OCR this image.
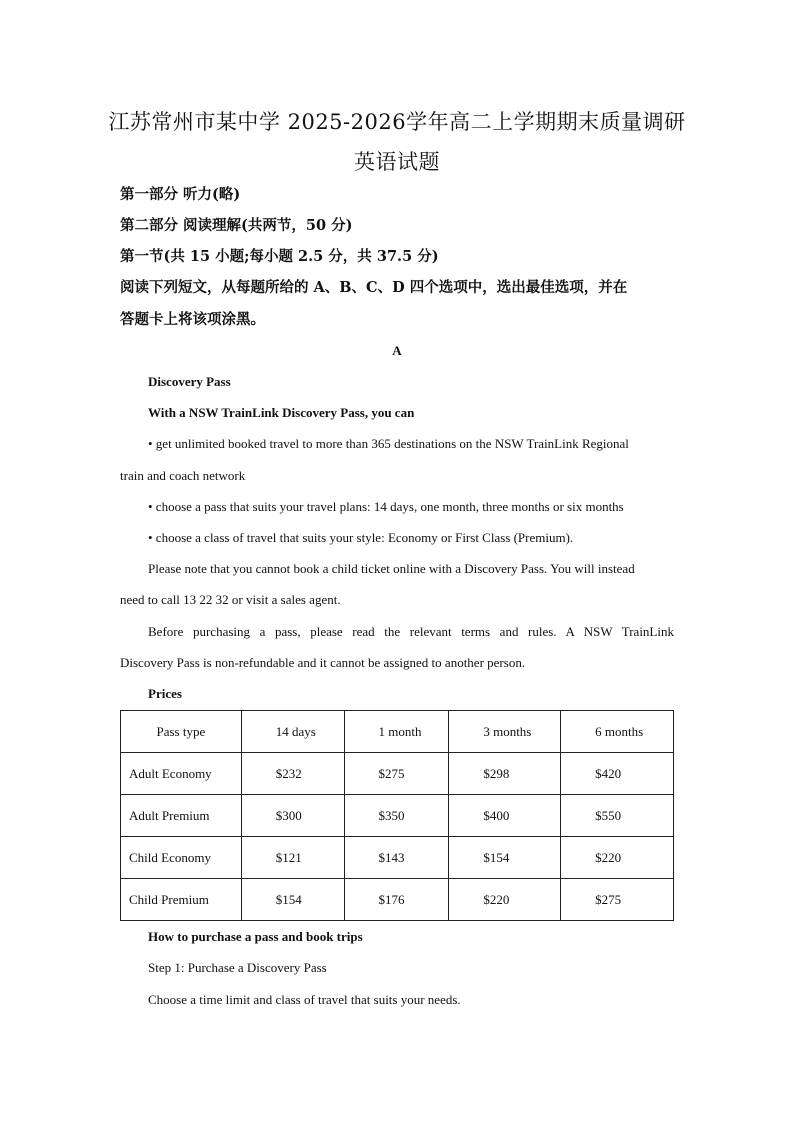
江苏常州市某中学 2025-2026学年高二上学期期末质量调研
英语试题

第一部分 听力(略)

第二部分 阅读理解(共两节，50 分)

第一节(共 15 小题;每小题 2.5 分，共 37.5 分)

阅读下列短文，从每题所给的 A、B、C、D 四个选项中，选出最佳选项，并在

答题卡上将该项涂黑。

A

Discovery Pass

With a NSW TrainLink Discovery Pass, you can

• get unlimited booked travel to more than 365 destinations on the NSW TrainLink Regional

train and coach network

• choose a pass that suits your travel plans: 14 days, one month, three months or six months

• choose a class of travel that suits your style: Economy or First Class (Premium).

Please note that you cannot book a child ticket online with a Discovery Pass. You will instead

need to call 13 22 32 or visit a sales agent.

Before purchasing a pass, please read the relevant terms and rules. A NSW TrainLink

Discovery Pass is non-refundable and it cannot be assigned to another person.

Prices

Pass type	14 days	1 month	3 months	6 months
Adult Economy	$232	$275	$298	$420
Adult Premium	$300	$350	$400	$550
Child Economy	$121	$143	$154	$220
Child Premium	$154	$176	$220	$275

How to purchase a pass and book trips

Step 1: Purchase a Discovery Pass

Choose a time limit and class of travel that suits your needs.
